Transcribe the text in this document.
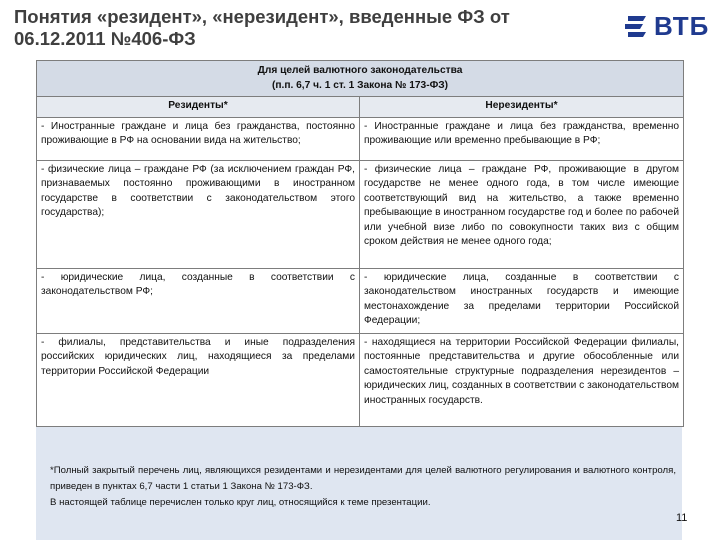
Понятия «резидент», «нерезидент», введенные ФЗ от 06.12.2011 №406-ФЗ	ВТБ
Для целей валютного законодательства
(п.п. 6,7 ч. 1 ст. 1 Закона № 173-ФЗ)	

Резиденты*	Нерезиденты*
- Иностранные граждане и лица без гражданства, постоянно проживающие в РФ на основании вида на жительство;	- Иностранные граждане и лица без гражданства, временно проживающие или временно пребывающие в РФ;
- физические лица – граждане РФ (за исключением граждан РФ, признаваемых постоянно проживающими в иностранном государстве в соответствии с законодательством этого государства);	- физические лица – граждане РФ, проживающие в другом государстве не менее одного года, в том числе имеющие соответствующий вид на жительство, а также временно пребывающие в иностранном государстве год и более по рабочей или учебной визе либо по совокупности таких виз с общим сроком действия не менее одного года;
- юридические лица, созданные в соответствии с законодательством РФ;	- юридические лица, созданные в соответствии с законодательством иностранных государств и имеющие местонахождение за пределами территории Российской Федерации;
- филиалы, представительства и иные подразделения российских юридических лиц, находящиеся за пределами территории Российской Федерации	- находящиеся на территории Российской Федерации филиалы, постоянные представительства и другие обособленные или самостоятельные структурные подразделения нерезидентов – юридических лиц, созданных в соответствии с законодательством иностранных государств.

*Полный закрытый перечень лиц, являющихся резидентами и нерезидентами для целей валютного регулирования и валютного контроля, приведен в пунктах 6,7 части 1 статьи 1 Закона № 173-ФЗ.

В настоящей таблице перечислен только круг лиц, относящийся к теме презентации.

11
